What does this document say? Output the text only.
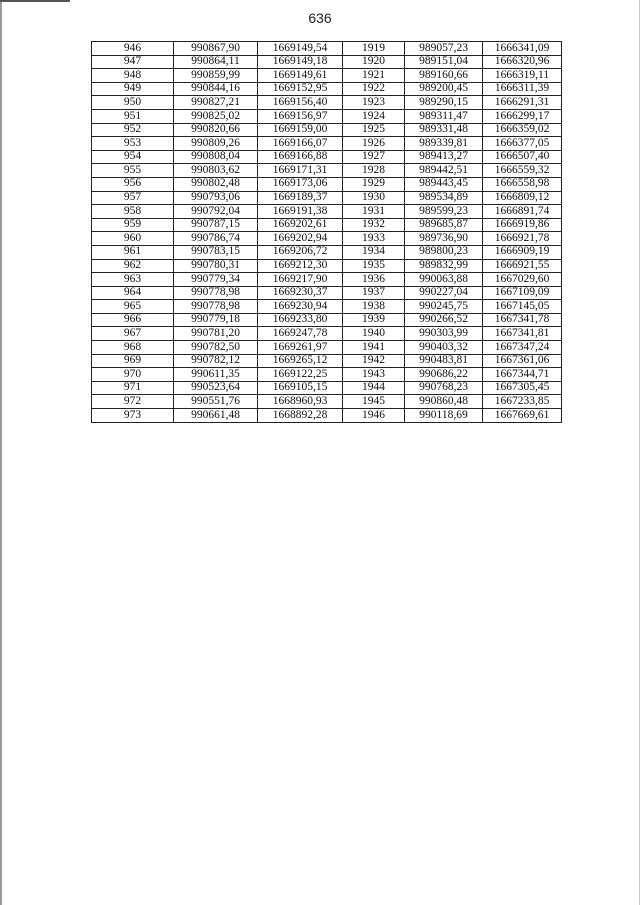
636
946	990867,90	1669149,54	1919	989057,23	1666341,09
947	990864,11	1669149,18	1920	989151,04	1666320,96
948	990859,99	1669149,61	1921	989160,66	1666319,11
949	990844,16	1669152,95	1922	989200,45	1666311,39
950	990827,21	1669156,40	1923	989290,15	1666291,31
951	990825,02	1669156,97	1924	989311,47	1666299,17
952	990820,66	1669159,00	1925	989331,48	1666359,02
953	990809,26	1669166,07	1926	989339,81	1666377,05
954	990808,04	1669166,88	1927	989413,27	1666507,40
955	990803,62	1669171,31	1928	989442,51	1666559,32
956	990802,48	1669173,06	1929	989443,45	1666558,98
957	990793,06	1669189,37	1930	989534,89	1666809,12
958	990792,04	1669191,38	1931	989599,23	1666891,74
959	990787,15	1669202,61	1932	989685,87	1666919,86
960	990786,74	1669202,94	1933	989736,90	1666921,78
961	990783,15	1669206,72	1934	989800,23	1666909,19
962	990780,31	1669212,30	1935	989832,99	1666921,55
963	990779,34	1669217,90	1936	990063,88	1667029,60
964	990778,98	1669230,37	1937	990227,04	1667109,09
965	990778,98	1669230,94	1938	990245,75	1667145,05
966	990779,18	1669233,80	1939	990266,52	1667341,78
967	990781,20	1669247,78	1940	990303,99	1667341,81
968	990782,50	1669261,97	1941	990403,32	1667347,24
969	990782,12	1669265,12	1942	990483,81	1667361,06
970	990611,35	1669122,25	1943	990686,22	1667344,71
971	990523,64	1669105,15	1944	990768,23	1667305,45
972	990551,76	1668960,93	1945	990860,48	1667233,85
973	990661,48	1668892,28	1946	990118,69	1667669,61
